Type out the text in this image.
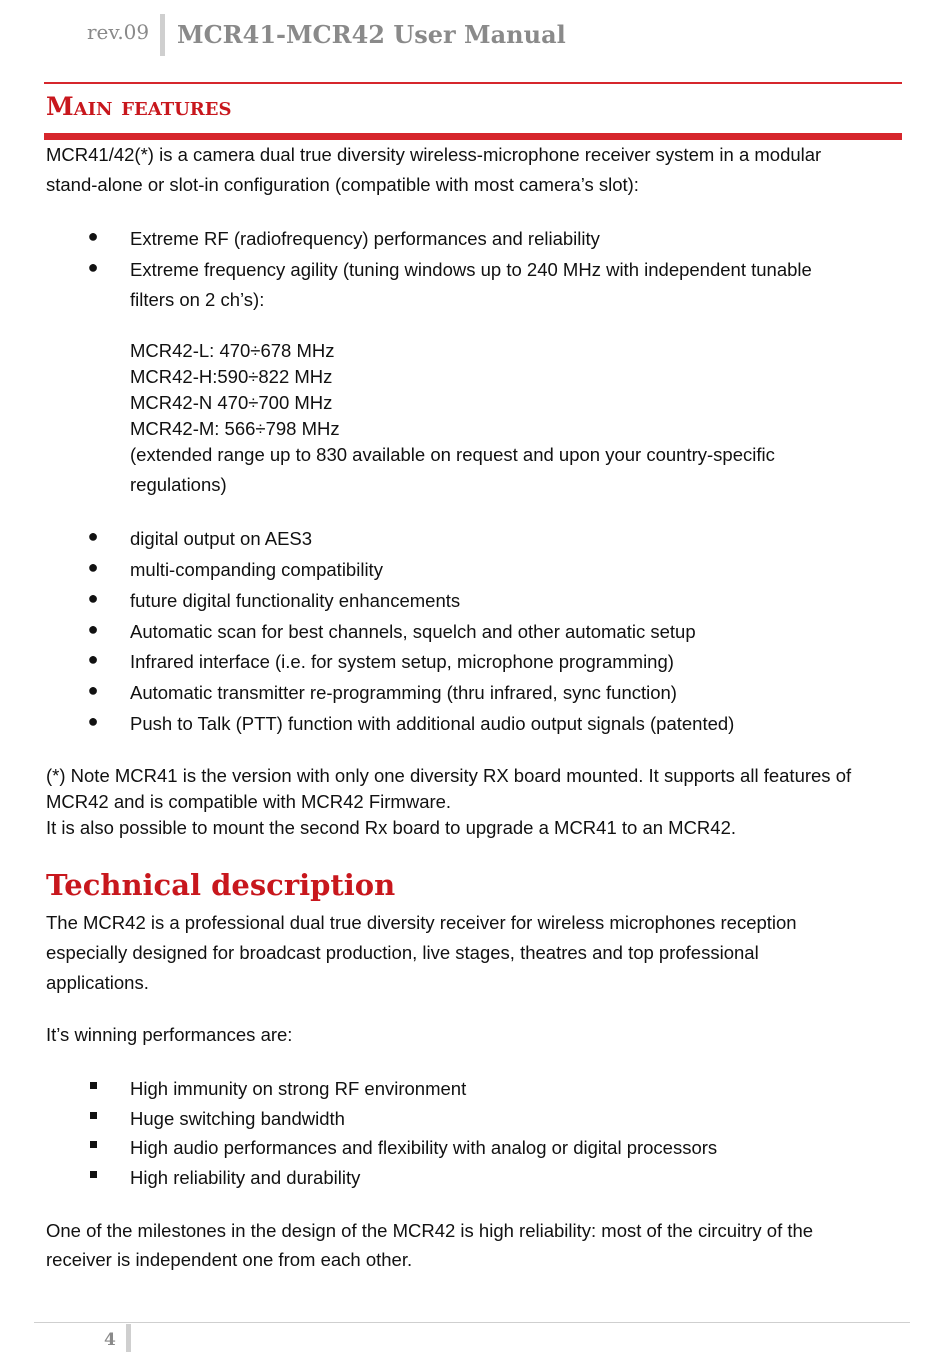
rev.09 MCR41-MCR42 User Manual
Main features
MCR41/42(*) is a camera dual true diversity wireless-microphone receiver system in a modular
stand-alone or slot-in configuration (compatible with most camera’s slot):
● Extreme RF (radiofrequency) performances and reliability
● Extreme frequency agility (tuning windows up to 240 MHz with independent tunable
filters on 2 ch’s):
MCR42-L: 470÷678 MHz
MCR42-H:590÷822 MHz
MCR42-N 470÷700 MHz
MCR42-M: 566÷798 MHz
(extended range up to 830 available on request and upon your country-specific
regulations)
● digital output on AES3
● multi-companding compatibility
● future digital functionality enhancements
● Automatic scan for best channels, squelch and other automatic setup
● Infrared interface (i.e. for system setup, microphone programming)
● Automatic transmitter re-programming (thru infrared, sync function)
● Push to Talk (PTT) function with additional audio output signals (patented)
(*) Note MCR41 is the version with only one diversity RX board mounted. It supports all features of
MCR42 and is compatible with MCR42 Firmware.
It is also possible to mount the second Rx board to upgrade a MCR41 to an MCR42.
Technical description
The MCR42 is a professional dual true diversity receiver for wireless microphones reception
especially designed for broadcast production, live stages, theatres and top professional
applications.
It’s winning performances are:
High immunity on strong RF environment
Huge switching bandwidth
High audio performances and flexibility with analog or digital processors
High reliability and durability
One of the milestones in the design of the MCR42 is high reliability: most of the circuitry of the
receiver is independent one from each other.
4
